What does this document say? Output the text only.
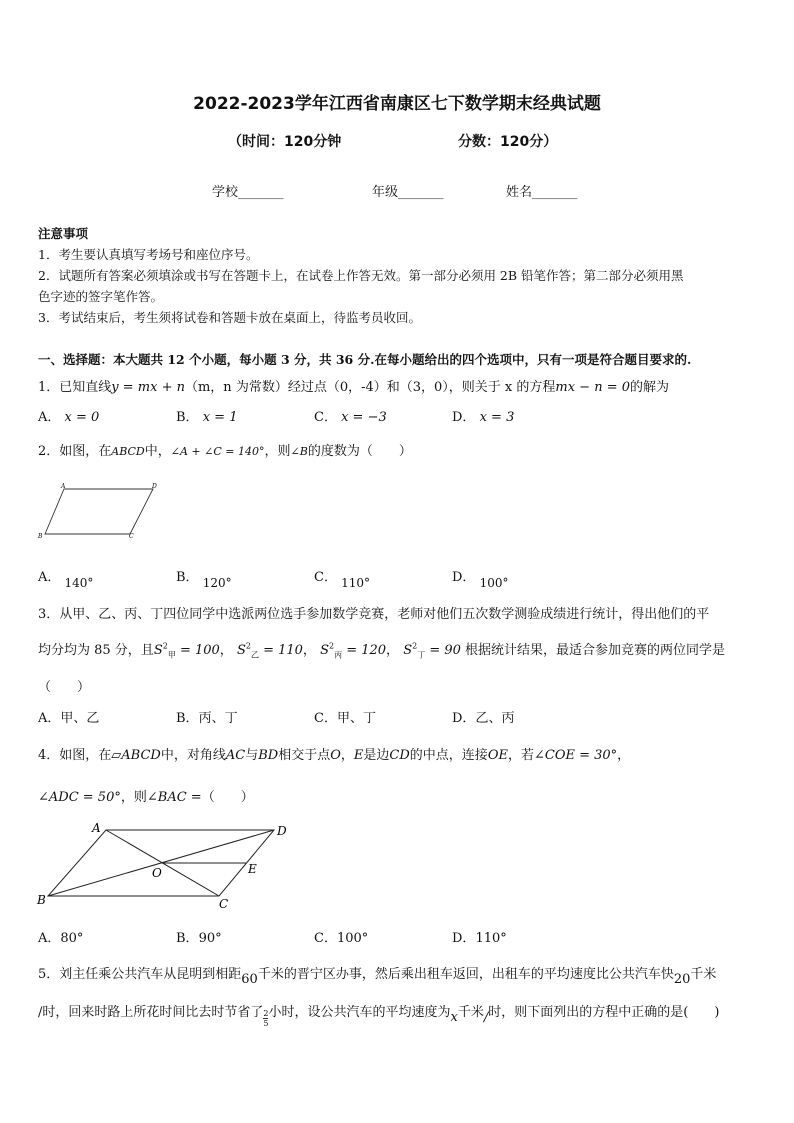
2022-2023学年江西省南康区七下数学期末经典试题
（时间：120分钟	分数：120分）
学校_______	年级_______	姓名_______
注意事项
1．考生要认真填写考场号和座位序号。
2．试题所有答案必须填涂或书写在答题卡上，在试卷上作答无效。第一部分必须用 2B 铅笔作答；第二部分必须用黑
色字迹的签字笔作答。
3．考试结束后，考生须将试卷和答题卡放在桌面上，待监考员收回。
一、选择题：本大题共 12 个小题，每小题 3 分，共 36 分.在每小题给出的四个选项中，只有一项是符合题目要求的.
1．已知直线y = mx + n（m，n 为常数）经过点（0，-4）和（3，0），则关于 x 的方程mx − n = 0的解为
A． x = 0	B． x = 1	C． x = −3	D． x = 3
2．如图，在ABCD中，∠A + ∠C = 140°，则∠B的度数为（　　）
A	D
B	C
A． 140°	B． 120°	C． 110°	D． 100°
3．从甲、乙、丙、丁四位同学中选派两位选手参加数学竞赛，老师对他们五次数学测验成绩进行统计，得出他们的平
均分均为 85 分，且$S^2_甲 = 100$， $S^2_乙 = 110$， $S^2_丙 = 120$， $S^2_丁 = 90$ 根据统计结果，最适合参加竞赛的两位同学是
（　　）
A．甲、乙	B．丙、丁	C．甲、丁	D．乙、丙
4．如图，在▱ABCD中，对角线AC与BD相交于点O，E是边CD的中点，连接OE，若∠COE = 30°，
∠ADC = 50°，则∠BAC =（　　）
A	D
B	C
E
O
A．80°	B．90°	C．100°	D．110°
5．刘主任乘公共汽车从昆明到相距60千米的晋宁区办事，然后乘出租车返回，出租车的平均速度比公共汽车快20千米
/时，回来时路上所花时间比去时节省了 $\frac{2}{5}$ 小时，设公共汽车的平均速度为x千米/时，则下面列出的方程中正确的是(　　)
